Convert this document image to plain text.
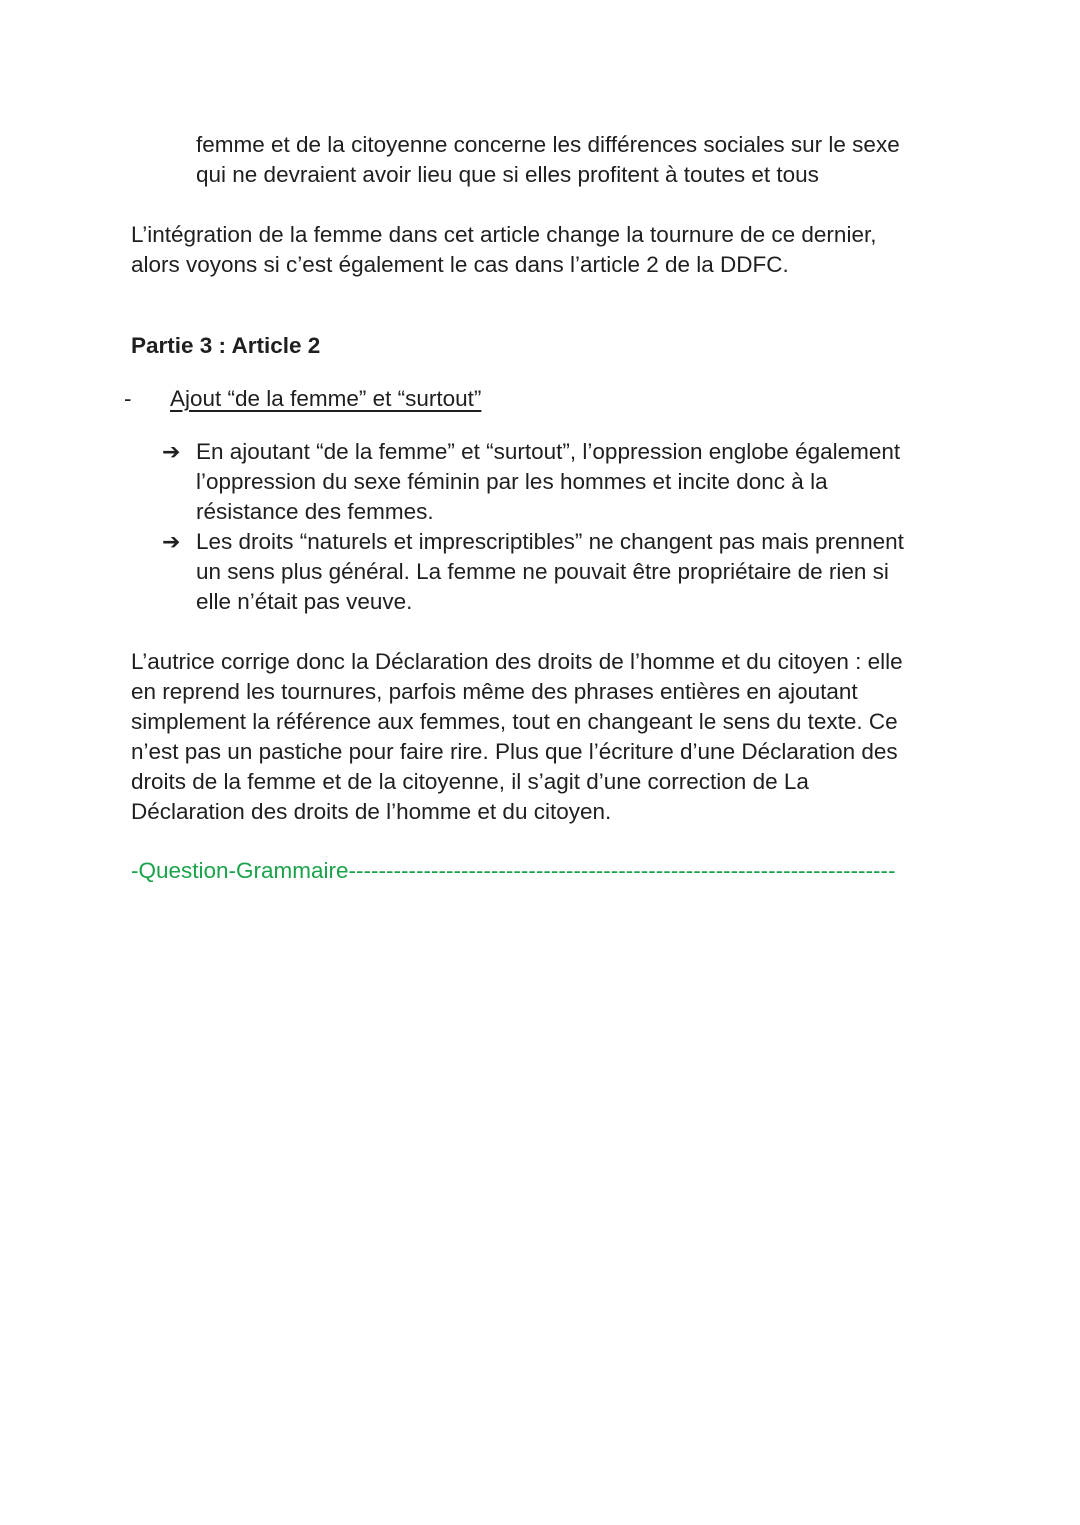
femme et de la citoyenne concerne les différences sociales sur le sexe

qui ne devraient avoir lieu que si elles profitent à toutes et tous

L’intégration de la femme dans cet article change la tournure de ce dernier,

alors voyons si c’est également le cas dans l’article 2 de la DDFC.

Partie 3 : Article 2

- Ajout “de la femme” et “surtout”
➔ En ajoutant “de la femme” et “surtout”, l’oppression englobe également
l’oppression du sexe féminin par les hommes et incite donc à la
résistance des femmes.
➔ Les droits “naturels et imprescriptibles” ne changent pas mais prennent
un sens plus général. La femme ne pouvait être propriétaire de rien si
elle n’était pas veuve.

L’autrice corrige donc la Déclaration des droits de l’homme et du citoyen : elle

en reprend les tournures, parfois même des phrases entières en ajoutant

simplement la référence aux femmes, tout en changeant le sens du texte. Ce

n’est pas un pastiche pour faire rire. Plus que l’écriture d’une Déclaration des

droits de la femme et de la citoyenne, il s’agit d’une correction de La

Déclaration des droits de l’homme et du citoyen.

-Question-Grammaire-------------------------------------------------------------------------
